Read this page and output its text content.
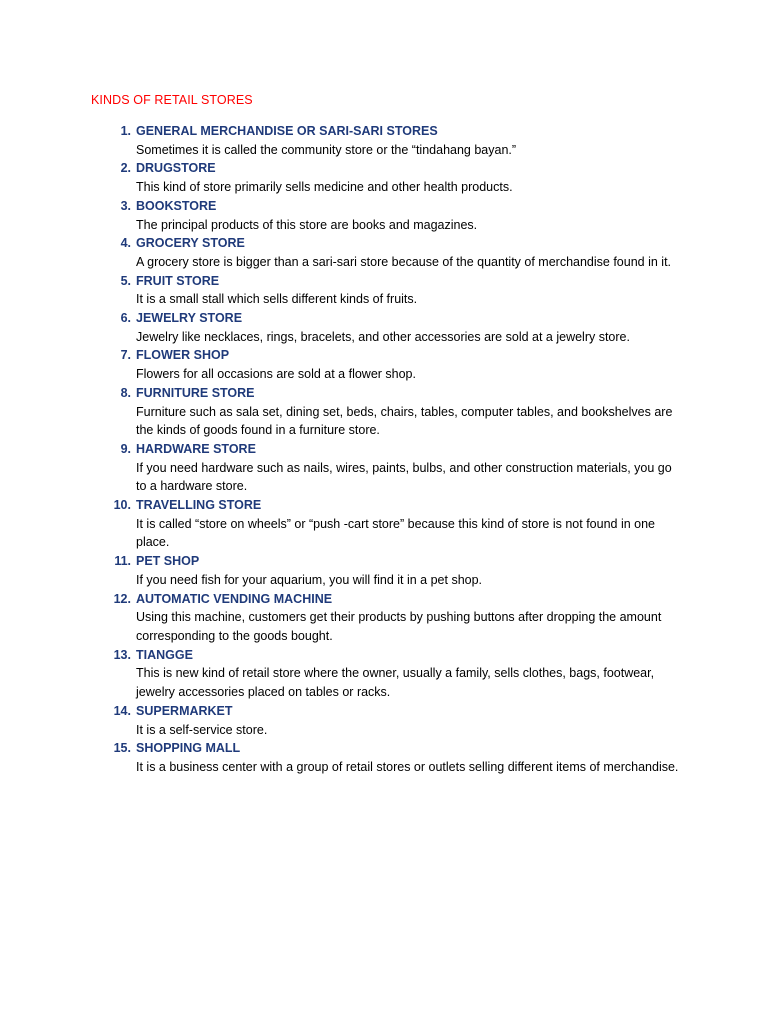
KINDS OF RETAIL STORES
1. GENERAL MERCHANDISE OR SARI-SARI STORES
Sometimes it is called the community store or the “tindahang bayan.”
2. DRUGSTORE
This kind of store primarily sells medicine and other health products.
3. BOOKSTORE
The principal products of this store are books and magazines.
4. GROCERY STORE
A grocery store is bigger than a sari-sari store because of the quantity of merchandise found in it.
5. FRUIT STORE
It is a small stall which sells different kinds of fruits.
6. JEWELRY STORE
Jewelry like necklaces, rings, bracelets, and other accessories are sold at a jewelry store.
7. FLOWER SHOP
Flowers for all occasions are sold at a flower shop.
8. FURNITURE STORE
Furniture such as sala set, dining set, beds, chairs, tables, computer tables, and bookshelves are the kinds of goods found in a furniture store.
9. HARDWARE STORE
If you need hardware such as nails, wires, paints, bulbs, and other construction materials, you go to a hardware store.
10. TRAVELLING STORE
It is called “store on wheels” or “push -cart store” because this kind of store is not found in one place.
11. PET SHOP
If you need fish for your aquarium, you will find it in a pet shop.
12. AUTOMATIC VENDING MACHINE
Using this machine, customers get their products by pushing buttons after dropping the amount corresponding to the goods bought.
13. TIANGGE
This is new kind of retail store where the owner, usually a family, sells clothes, bags, footwear, jewelry accessories placed on tables or racks.
14. SUPERMARKET
It is a self-service store.
15. SHOPPING MALL
It is a business center with a group of retail stores or outlets selling different items of merchandise.
